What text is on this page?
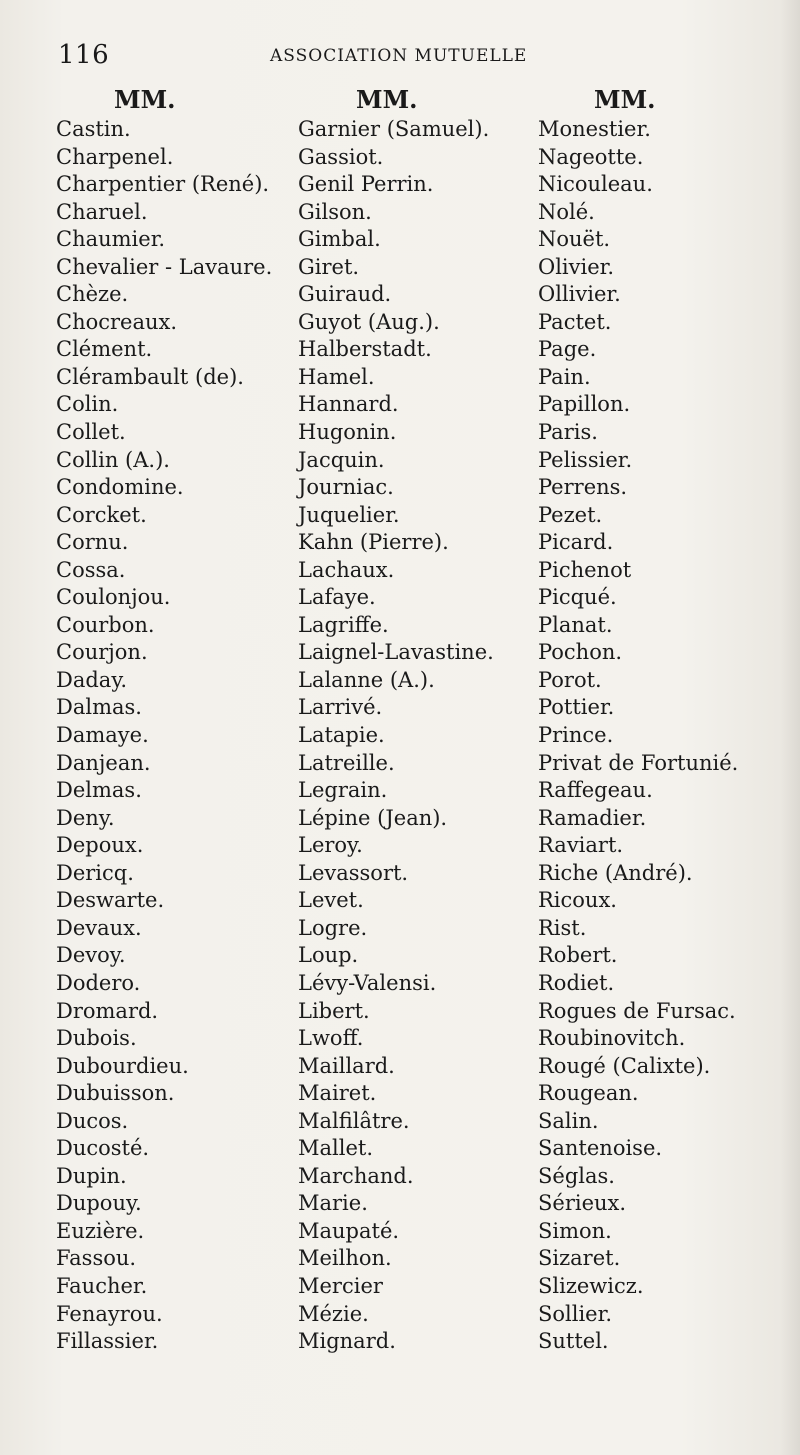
116	ASSOCIATION MUTUELLE
MM.
Castin.
Charpenel.
Charpentier (René).
Charuel.
Chaumier.
Chevalier - Lavaure.
Chèze.
Chocreaux.
Clément.
Clérambault (de).
Colin.
Collet.
Collin (A.).
Condomine.
Corcket.
Cornu.
Cossa.
Coulonjou.
Courbon.
Courjon.
Daday.
Dalmas.
Damaye.
Danjean.
Delmas.
Deny.
Depoux.
Dericq.
Deswarte.
Devaux.
Devoy.
Dodero.
Dromard.
Dubois.
Dubourdieu.
Dubuisson.
Ducos.
Ducosté.
Dupin.
Dupouy.
Euzière.
Fassou.
Faucher.
Fenayrou.
Fillassier.
MM.
Garnier (Samuel).
Gassiot.
Genil Perrin.
Gilson.
Gimbal.
Giret.
Guiraud.
Guyot (Aug.).
Halberstadt.
Hamel.
Hannard.
Hugonin.
Jacquin.
Journiac.
Juquelier.
Kahn (Pierre).
Lachaux.
Lafaye.
Lagriffe.
Laignel-Lavastine.
Lalanne (A.).
Larrivé.
Latapie.
Latreille.
Legrain.
Lépine (Jean).
Leroy.
Levassort.
Levet.
Logre.
Loup.
Lévy-Valensi.
Libert.
Lwoff.
Maillard.
Mairet.
Malfilâtre.
Mallet.
Marchand.
Marie.
Maupaté.
Meilhon.
Mercier
Mézie.
Mignard.
MM.
Monestier.
Nageotte.
Nicouleau.
Nolé.
Nouët.
Olivier.
Ollivier.
Pactet.
Page.
Pain.
Papillon.
Paris.
Pelissier.
Perrens.
Pezet.
Picard.
Pichenot
Picqué.
Planat.
Pochon.
Porot.
Pottier.
Prince.
Privat de Fortunié.
Raffegeau.
Ramadier.
Raviart.
Riche (André).
Ricoux.
Rist.
Robert.
Rodiet.
Rogues de Fursac.
Roubinovitch.
Rougé (Calixte).
Rougean.
Salin.
Santenoise.
Séglas.
Sérieux.
Simon.
Sizaret.
Slizewicz.
Sollier.
Suttel.
